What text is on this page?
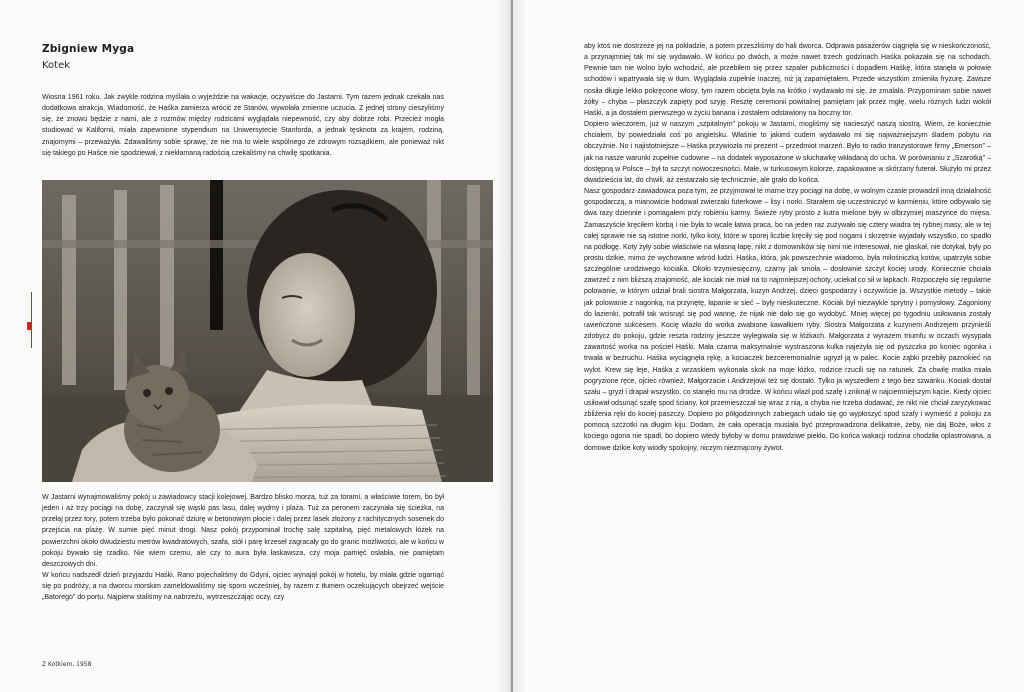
Zbigniew Myga
Kotek

Wiosna 1961 roku. Jak zwykle rodzina myślała o wyjeździe na wakacje, oczywiście do Jastarni. Tym razem jednak czekała nas dodatkowa atrakcja. Wiadomość, że Haśka zamierza wrócić ze Stanów, wywołała zmienne uczucia. Z jednej strony cieszyliśmy się, że znowu będzie z nami, ale z rozmów między rodzicami wyglądała niepewność, czy aby dobrze robi. Przecież mogła studiować w Kalifornii, miała zapewnione stypendium na Uniwersytecie Stanforda, a jednak tęsknota za krajem, rodziną, znajomymi – przeważyła. Zdawaliśmy sobie sprawę, że nie ma to wiele wspólnego ze zdrowym rozsądkiem, ale ponieważ nikt się takiego po Haśce nie spodziewał, z niekłamaną radością czekaliśmy na chwilę spotkania.

W Jastarni wynajmowaliśmy pokój u zawiadowcy stacji kolejowej. Bardzo blisko morza, tuż za torami, a właściwie torem, bo był jeden i aż trzy pociągi na dobę, zaczynał się wąski pas lasu, dalej wydmy i plaża. Tuż za peronem zaczynała się ścieżka, na przełaj przez tory, potem trzeba było pokonać dziurę w betonowym płocie i dalej przez lasek złożony z rachitycznych sosenek do przejścia na plażę. W sumie pięć minut drogi. Nasz pokój przypominał trochę salę szpitalną, pięć metalowych łóżek na powierzchni około dwudziestu metrów kwadratowych, szafa, stół i parę krzeseł zagracały go do granic możliwości, ale w końcu w pokoju bywało się rzadko. Nie wiem czemu, ale czy to aura była łaskawsza, czy moja pamięć osłabła, nie pamiętam deszczowych dni.
W końcu nadszedł dzień przyjazdu Haśki. Rano pojechaliśmy do Gdyni, ojciec wynajął pokój w hotelu, by miała gdzie ogarnąć się po podróży, a na dworcu morskim zameldowaliśmy się sporo wcześniej, by razem z tłumem oczekujących obejrzeć wejście „Batorego” do portu. Najpierw staliśmy na nabrzeżu, wytrzeszczając oczy, czy

Z Kotkiem, 1958

aby ktoś nie dostrzeże jej na pokładzie, a potem przeszliśmy do hali dworca. Odprawa pasażerów ciągnęła się w nieskończoność, a przynajmniej tak mi się wydawało. W końcu po dwóch, a może nawet trzech godzinach Haśka pokazała się na schodach. Pewnie tam nie wolno było wchodzić, ale przebiłem się przez szpaler publiczności i dopadłem Haśkę, która stanęła w połowie schodów i wpatrywała się w tłum. Wyglądała zupełnie inaczej, niż ją zapamiętałem. Przede wszystkim zmieniła fryzurę. Zawsze nosiła długie lekko pokręcone włosy, tym razem obcięta była na krótko i wydawało mi się, że zmalała. Przypominam sobie nawet żółty – chyba – płaszczyk zapięty pod szyję. Resztę ceremonii powitalnej pamiętam jak przez mgłę, wielu różnych ludzi wokół Haśki, a ja dostałem pierwszego w życiu banana i zostałem odstawiony na boczny tor.
Dopiero wieczorem, już w naszym „szpitalnym” pokoju w Jastarni, mogliśmy się nacieszyć naszą siostrą. Wiem, że koniecznie chciałem, by powiedziała coś po angielsku. Właśnie to jakimś cudem wydawało mi się najważniejszym śladem pobytu na obczyźnie. No i najistotniejsze – Haśka przywiozła mi prezent – przedmiot marzeń. Było to radio tranzystorowe firmy „Emerson” – jak na nasze warunki zupełnie cudowne – na dodatek wyposażone w słuchawkę wkładaną do ucha. W porównaniu z „Szarotką” – dostępną w Polsce – był to szczyt nowoczesności. Małe, w turkusowym kolorze, zapakowane w skórzany futerał. Służyło mi przez dwadzieścia lat, do chwili, aż zestarzało się technicznie, ale grało do końca.
Nasz gospodarz-zawiadowca poza tym, że przyjmował te marne trzy pociągi na dobę, w wolnym czasie prowadził inną działalność gospodarczą, a mianowicie hodował zwierzaki futerkowe – lisy i norki. Starałem się uczestniczyć w karmieniu, które odbywało się dwa razy dziennie i pomagałem przy robieniu karmy. Świeże ryby prosto z kutra mielone były w olbrzymiej maszynce do mięsa. Zamaszyście kręciłem korbą i nie była to wcale łatwa praca, bo na jeden raz zużywało się cztery wiadra tej rybnej masy, ale w tej całej sprawie nie są istotne norki, tylko koty, które w sporej liczbie kręciły się pod nogami i skrzętnie wyjadały wszystko, co spadło na podłogę. Koty żyły sobie właściwie na własną łapę, nikt z domowników się nimi nie interesował, nie głaskał, nie dotykał, były po prostu dzikie, mimo że wychowane wśród ludzi. Haśka, która, jak powszechnie wiadomo, była miłośniczką kotów, upatrzyła sobie szczególnie urodziwego kociaka. Około trzymiesięczny, czarny jak smoła – dosłownie szczyt kociej urody. Koniecznie chciała zawrzeć z nim bliższą znajomość, ale kociak nie miał na to najmniejszej ochoty, uciekał co sił w łapkach. Rozpoczęło się regularne polowanie, w którym udział brali siostra Małgorzata, kuzyn Andrzej, dzieci gospodarzy i oczywiście ja. Wszystkie metody – takie jak polowanie z nagonką, na przynętę, łapanie w sieć – były nieskuteczne. Kociak był niezwykle sprytny i pomysłowy. Zagoniony do łazienki, potrafił tak wcisnąć się pod wannę, że nijak nie dało się go wydobyć. Mniej więcej po tygodniu usiłowania zostały uwieńczone sukcesem. Kocię wlazło do worka zwabione kawałkiem ryby. Siostra Małgorzata z kuzynem Andrzejem przynieśli zdobycz do pokoju, gdzie reszta rodziny jeszcze wylegiwała się w łóżkach. Małgorzata z wyrazem triumfu w oczach wysypała zawartość worka na pościel Haśki. Mała czarna maksymalnie wystraszona kulka najeżyła się od pyszczka po koniec ogonka i trwała w bezruchu. Haśka wyciągnęła rękę, a kociaczek bezceremonialnie ugryzł ją w palec. Kocie ząbki przebiły paznokieć na wylot. Krew się leje, Haśka z wrzaskiem wykonała skok na moje łóżko, rodzice rzucili się na ratunek. Za chwilę matka miała pogryzione ręce, ojciec również, Małgorzacie i Andrzejowi też się dostało. Tylko ja wyszedłem z tego bez szwanku. Kociak dostał szału – gryzł i drapał wszystko, co stanęło mu na drodze. W końcu wlazł pod szafę i zniknął w najciemniejszym kącie. Kiedy ojciec usiłował odsunąć szafę spod ściany, kot przemieszczał się wraz z nią, a chyba nie trzeba dodawać, że nikt nie chciał zaryzykować zbliżenia ręki do kociej paszczy. Dopiero po półgodzinnych zabiegach udało się go wypłoszyć spod szafy i wymieść z pokoju za pomocą szczotki na długim kiju. Dodam, że cała operacja musiała być przeprowadzona delikatnie, żeby, nie daj Boże, włos z kociego ogona nie spadł, bo dopiero wtedy byłoby w domu prawdziwe piekło. Do końca wakacji rodzina chodziła oplastrowana, a domowe dzikie koty wiodły spokojny, niczym niezmącony żywot.
